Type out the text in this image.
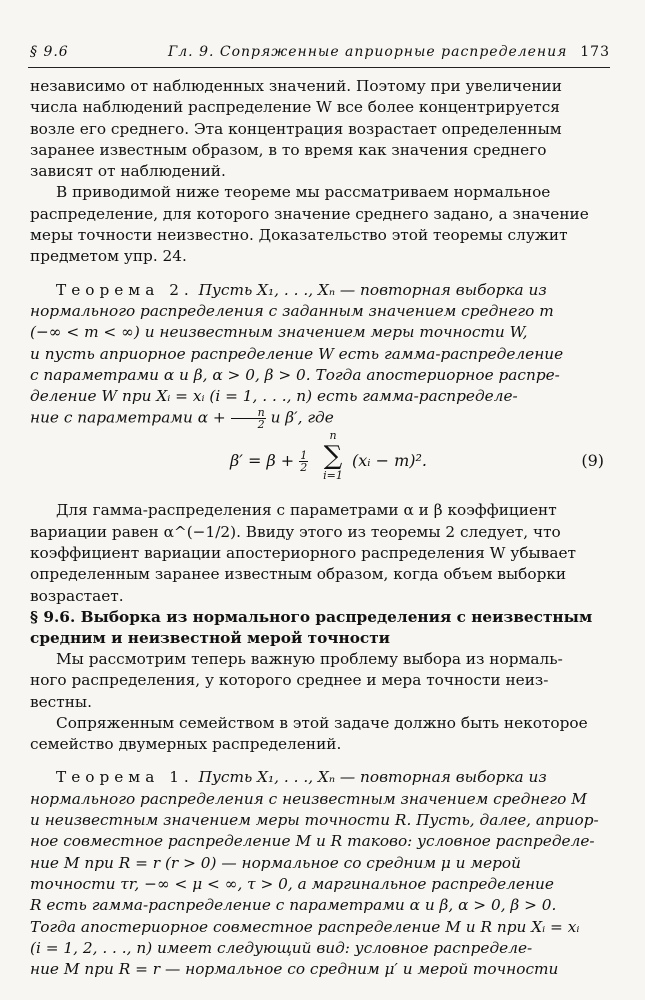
§ 9.6	Гл. 9. Сопряженные априорные распределения 173

независимо от наблюденных значений. Поэтому при увеличении
числа наблюдений распределение W все более концентрируется
возле его среднего. Эта концентрация возрастает определенным
заранее известным образом, в то время как значения среднего
зависят от наблюдений.

В приводимой ниже теореме мы рассматриваем нормальное
распределение, для которого значение среднего задано, а значение
меры точности неизвестно. Доказательство этой теоремы служит
предметом упр. 24.

Теорема 2. Пусть X₁, . . ., Xₙ — повторная выборка из
нормального распределения с заданным значением среднего m
(−∞ < m < ∞) и неизвестным значением меры точности W,
и пусть априорное распределение W есть гамма-распределение
с параметрами α и β, α > 0, β > 0. Тогда апостериорное распре-
деление W при Xᵢ = xᵢ (i = 1, . . ., n) есть гамма-распределе-
ние с параметрами $\alpha + \frac{n}{2}$ и β′, где

$\beta' = \beta + \frac{1}{2}$
n
∑
i=1
(xᵢ − m)².	(9)

Для гамма-распределения с параметрами α и β коэффициент
вариации равен α^(−1/2). Ввиду этого из теоремы 2 следует, что
коэффициент вариации апостериорного распределения W убывает
определенным заранее известным образом, когда объем выборки
возрастает.

§ 9.6. Выборка из нормального распределения с неизвестным
средним и неизвестной мерой точности

Мы рассмотрим теперь важную проблему выбора из нормаль-
ного распределения, у которого среднее и мера точности неиз-
вестны.

Сопряженным семейством в этой задаче должно быть некоторое
семейство двумерных распределений.

Теорема 1. Пусть X₁, . . ., Xₙ — повторная выборка из
нормального распределения с неизвестным значением среднего M
и неизвестным значением меры точности R. Пусть, далее, априор-
ное совместное распределение M и R таково: условное распределе-
ние M при R = r (r > 0) — нормальное со средним μ и мерой
точности τr, −∞ < μ < ∞, τ > 0, а маргинальное распределение
R есть гамма-распределение с параметрами α и β, α > 0, β > 0.
Тогда апостериорное совместное распределение M и R при Xᵢ = xᵢ
(i = 1, 2, . . ., n) имеет следующий вид: условное распределе-
ние M при R = r — нормальное со средним μ′ и мерой точности
